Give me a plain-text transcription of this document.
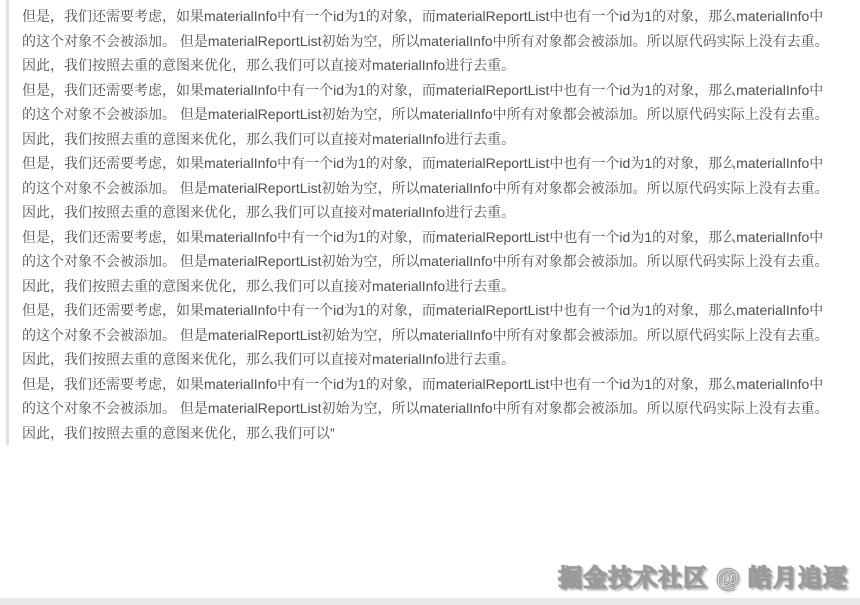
但是，我们还需要考虑，如果materialInfo中有一个id为1的对象，而materialReportList中也有一个id为1的对象，那么materialInfo中的这个对象不会被添加。 但是materialReportList初始为空，所以materialInfo中所有对象都会被添加。所以原代码实际上没有去重。

因此，我们按照去重的意图来优化，那么我们可以直接对materialInfo进行去重。

但是，我们还需要考虑，如果materialInfo中有一个id为1的对象，而materialReportList中也有一个id为1的对象，那么materialInfo中的这个对象不会被添加。 但是materialReportList初始为空，所以materialInfo中所有对象都会被添加。所以原代码实际上没有去重。

因此，我们按照去重的意图来优化，那么我们可以直接对materialInfo进行去重。

但是，我们还需要考虑，如果materialInfo中有一个id为1的对象，而materialReportList中也有一个id为1的对象，那么materialInfo中的这个对象不会被添加。 但是materialReportList初始为空，所以materialInfo中所有对象都会被添加。所以原代码实际上没有去重。

因此，我们按照去重的意图来优化，那么我们可以直接对materialInfo进行去重。

但是，我们还需要考虑，如果materialInfo中有一个id为1的对象，而materialReportList中也有一个id为1的对象，那么materialInfo中的这个对象不会被添加。 但是materialReportList初始为空，所以materialInfo中所有对象都会被添加。所以原代码实际上没有去重。

因此，我们按照去重的意图来优化，那么我们可以直接对materialInfo进行去重。

但是，我们还需要考虑，如果materialInfo中有一个id为1的对象，而materialReportList中也有一个id为1的对象，那么materialInfo中的这个对象不会被添加。 但是materialReportList初始为空，所以materialInfo中所有对象都会被添加。所以原代码实际上没有去重。

因此，我们按照去重的意图来优化，那么我们可以直接对materialInfo进行去重。

但是，我们还需要考虑，如果materialInfo中有一个id为1的对象，而materialReportList中也有一个id为1的对象，那么materialInfo中的这个对象不会被添加。 但是materialReportList初始为空，所以materialInfo中所有对象都会被添加。所以原代码实际上没有去重。

因此，我们按照去重的意图来优化，那么我们可以”

掘金技术社区 @ 皓月追逐
